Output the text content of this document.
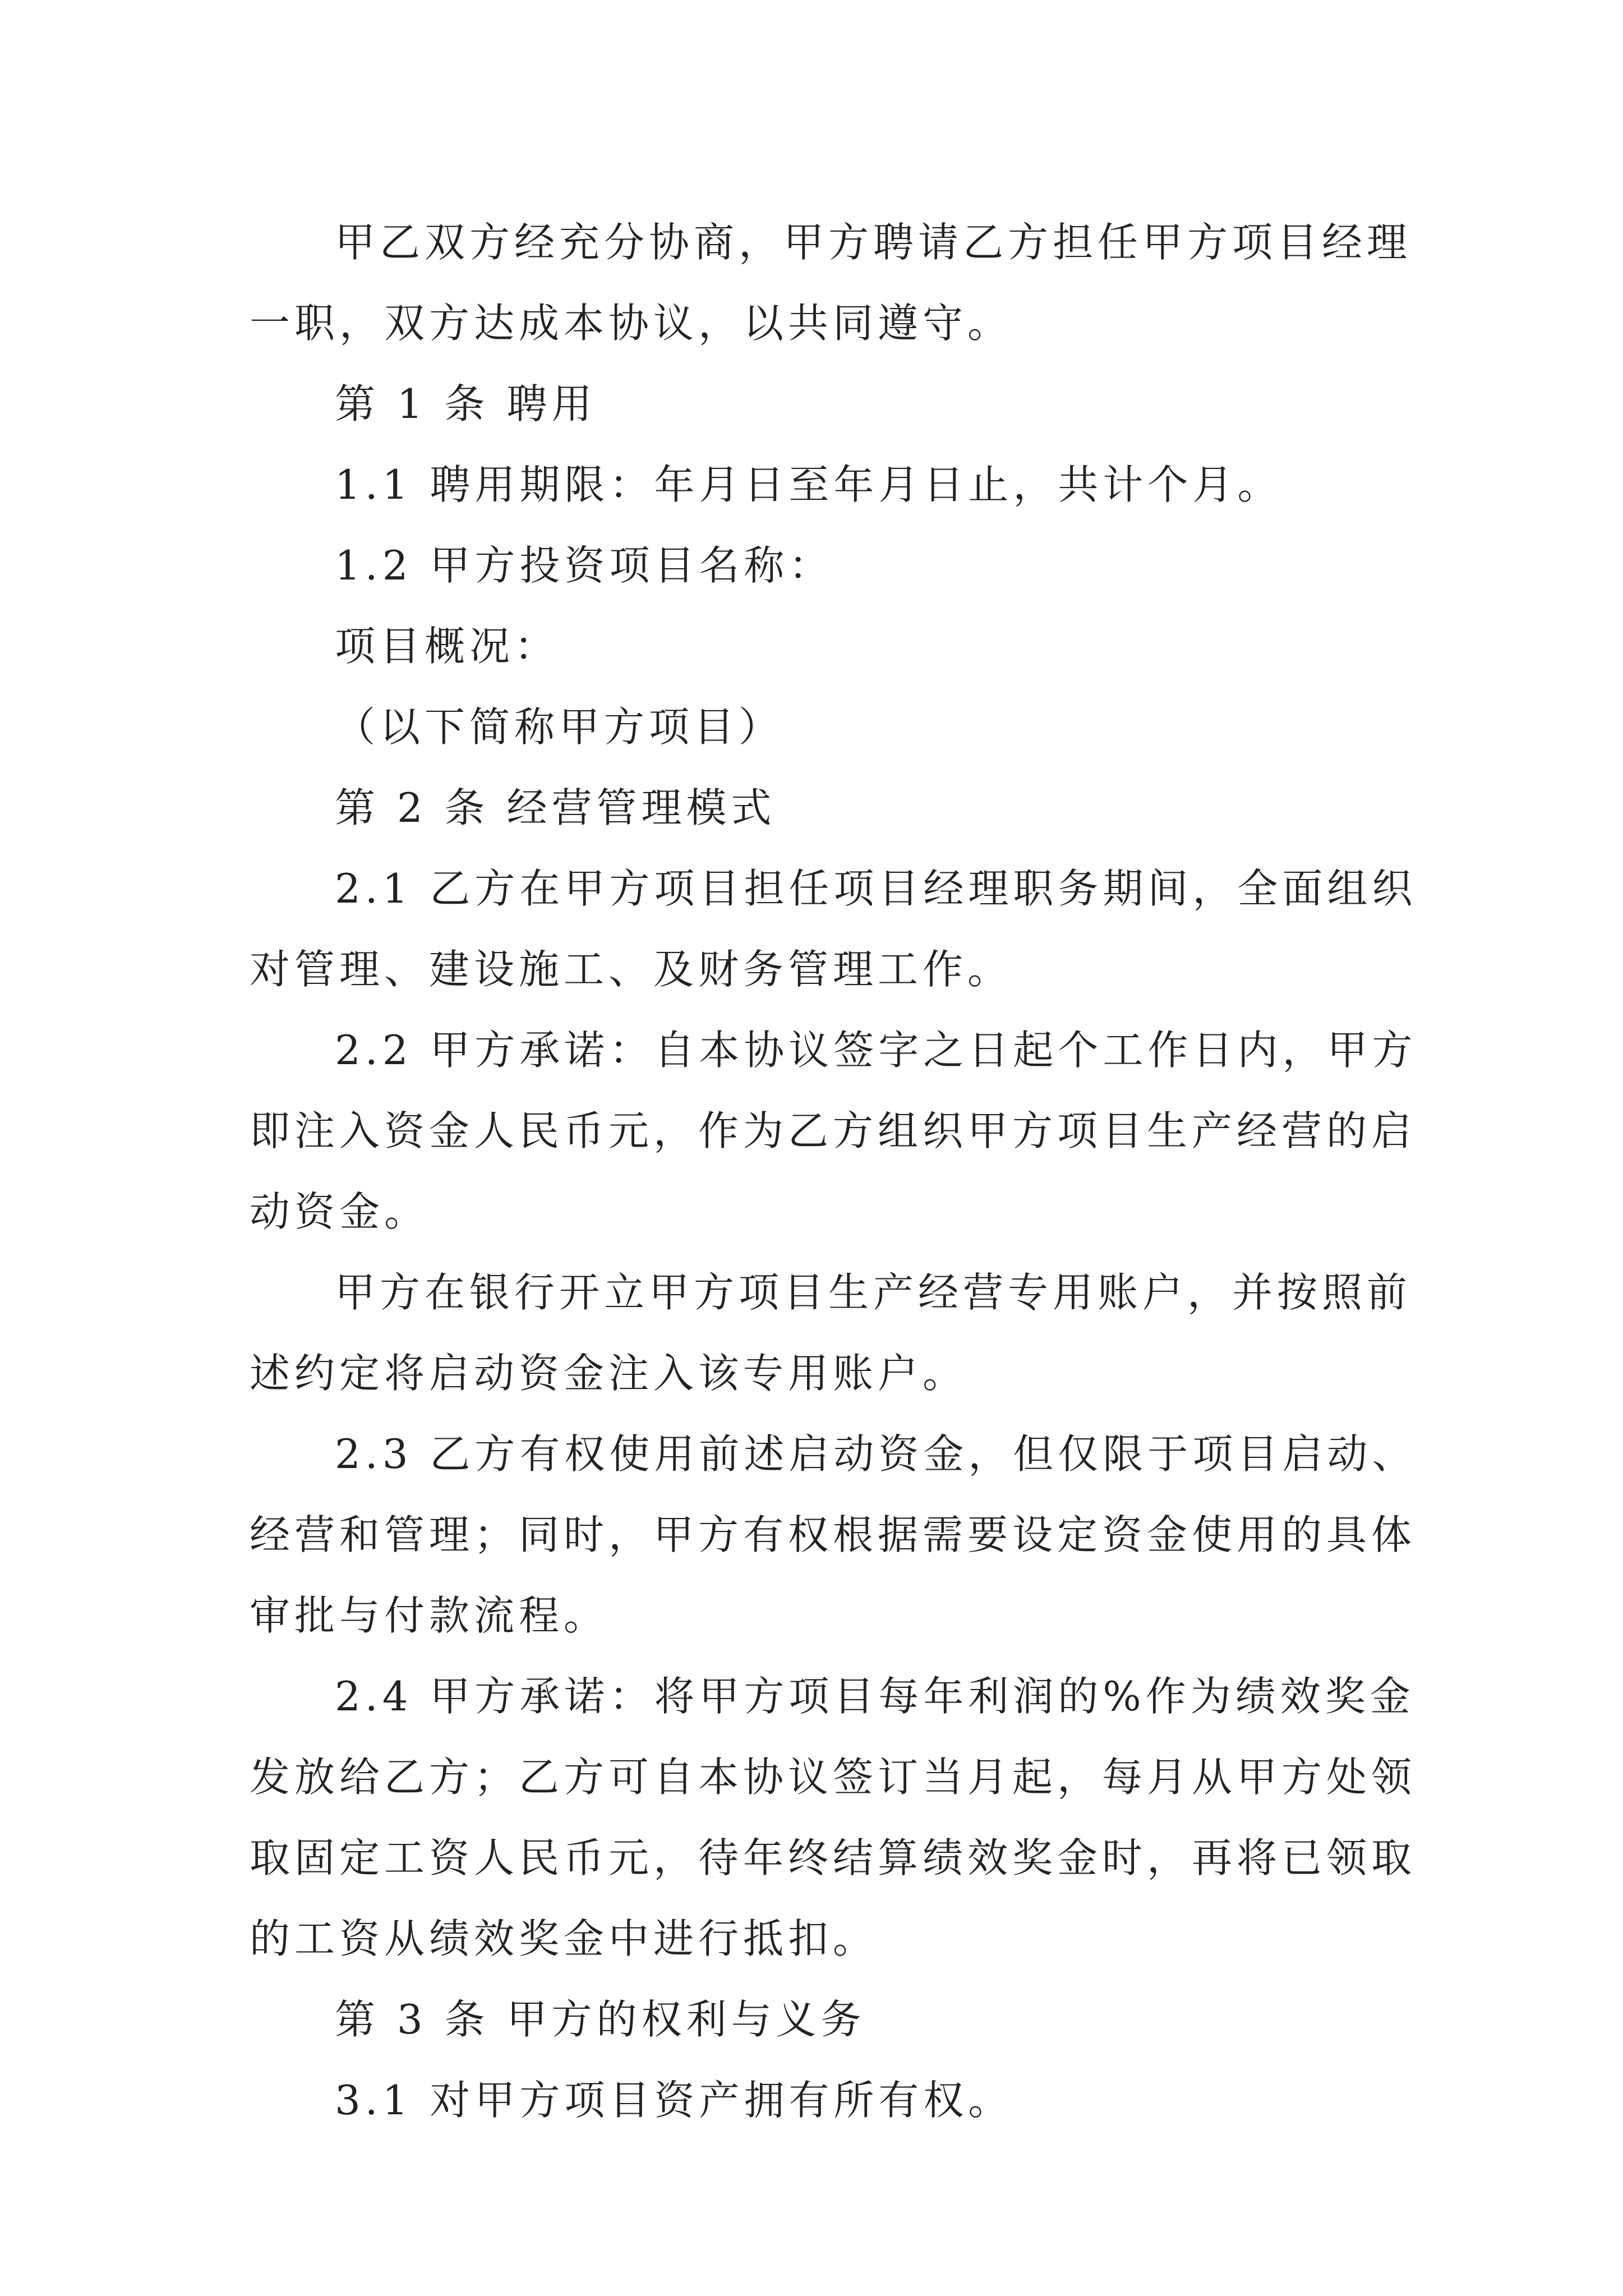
甲乙双方经充分协商，甲方聘请乙方担任甲方项目经理
一职，双方达成本协议，以共同遵守。
第 1 条 聘用
1.1 聘用期限：年月日至年月日止，共计个月。
1.2 甲方投资项目名称：
项目概况：
（以下简称甲方项目）
第 2 条 经营管理模式
2.1 乙方在甲方项目担任项目经理职务期间，全面组织
对管理、建设施工、及财务管理工作。
2.2 甲方承诺：自本协议签字之日起个工作日内，甲方
即注入资金人民币元，作为乙方组织甲方项目生产经营的启
动资金。
甲方在银行开立甲方项目生产经营专用账户，并按照前
述约定将启动资金注入该专用账户。
2.3 乙方有权使用前述启动资金，但仅限于项目启动、
经营和管理；同时，甲方有权根据需要设定资金使用的具体
审批与付款流程。
2.4 甲方承诺：将甲方项目每年利润的%作为绩效奖金
发放给乙方；乙方可自本协议签订当月起，每月从甲方处领
取固定工资人民币元，待年终结算绩效奖金时，再将已领取
的工资从绩效奖金中进行抵扣。
第 3 条 甲方的权利与义务
3.1 对甲方项目资产拥有所有权。
